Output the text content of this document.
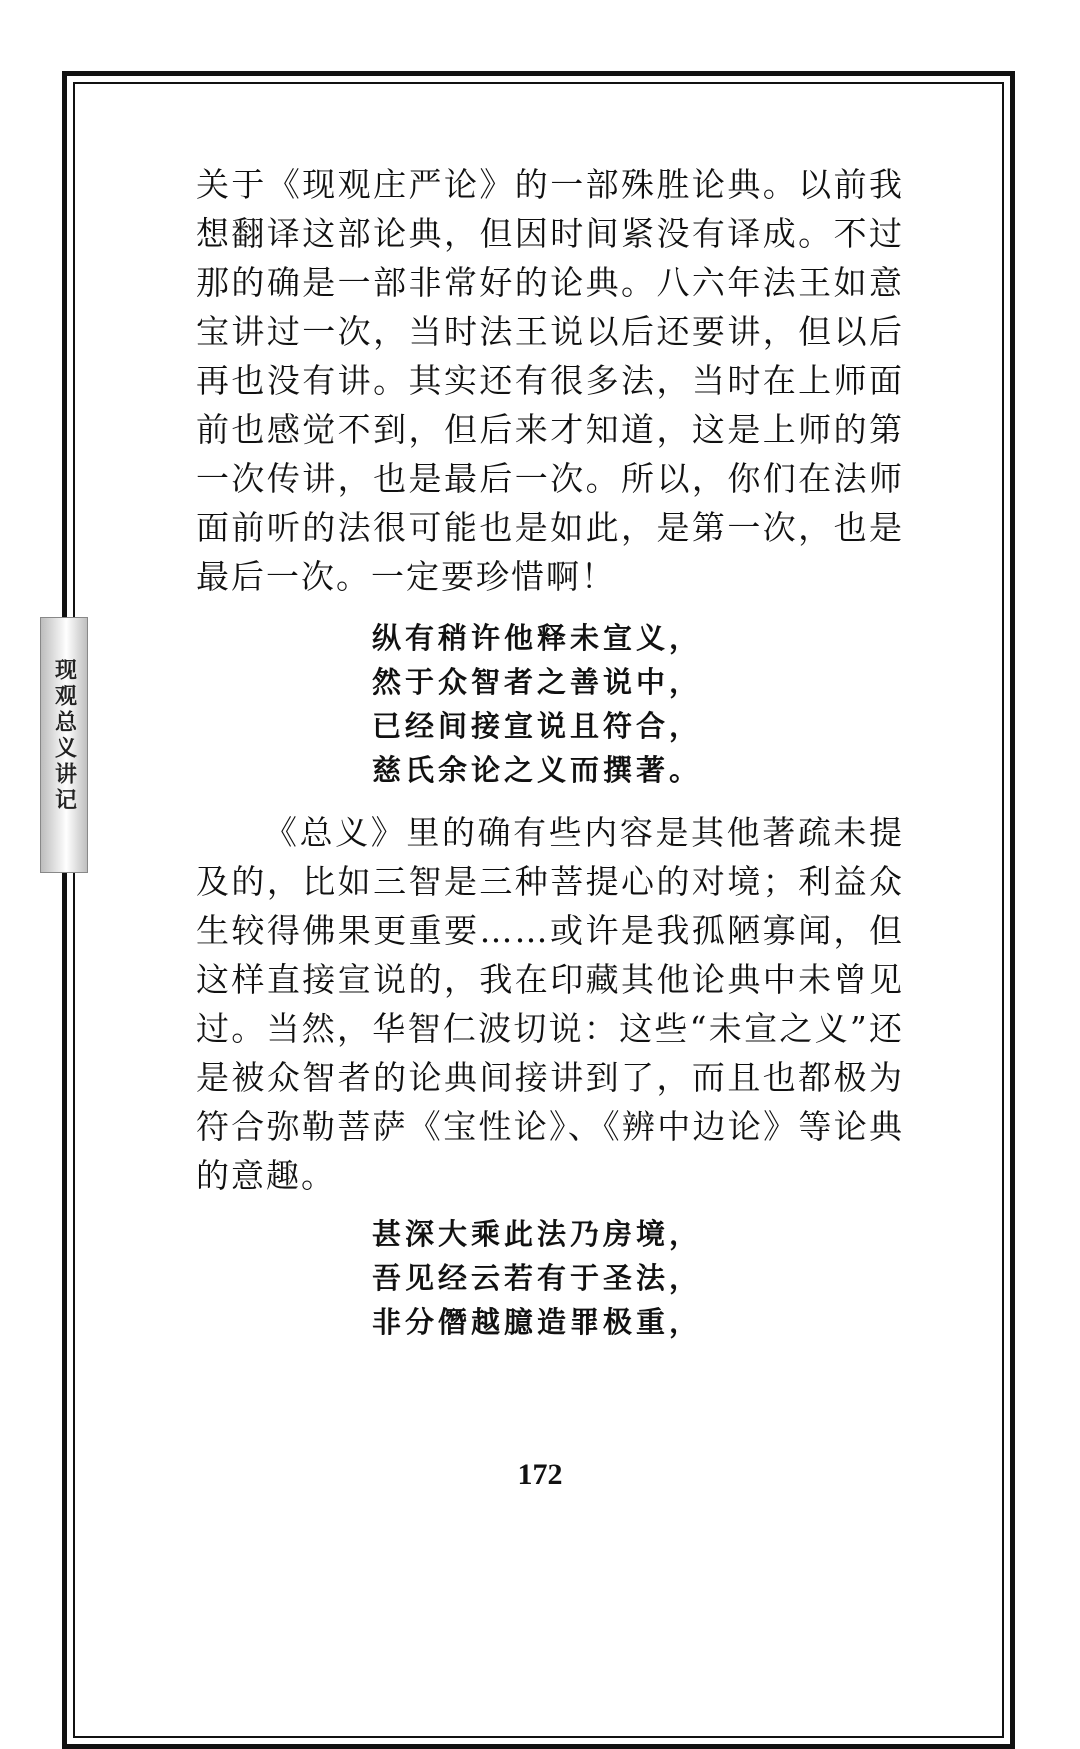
关于《现观庄严论》的一部殊胜论典。以前我想翻译这部论典，但因时间紧没有译成。不过那的确是一部非常好的论典。八六年法王如意宝讲过一次，当时法王说以后还要讲，但以后再也没有讲。其实还有很多法，当时在上师面前也感觉不到，但后来才知道，这是上师的第一次传讲，也是最后一次。所以，你们在法师面前听的法很可能也是如此，是第一次，也是最后一次。一定要珍惜啊！

纵有稍许他释未宣义，
然于众智者之善说中，
已经间接宣说且符合，
慈氏余论之义而撰著。

《总义》里的确有些内容是其他著疏未提及的，比如三智是三种菩提心的对境；利益众生较得佛果更重要……或许是我孤陋寡闻，但这样直接宣说的，我在印藏其他论典中未曾见过。当然，华智仁波切说：这些“未宣之义”还是被众智者的论典间接讲到了，而且也都极为符合弥勒菩萨《宝性论》、《辨中边论》等论典的意趣。

甚深大乘此法乃房境，
吾见经云若有于圣法，
非分僭越臆造罪极重，
现观总义讲记
172
